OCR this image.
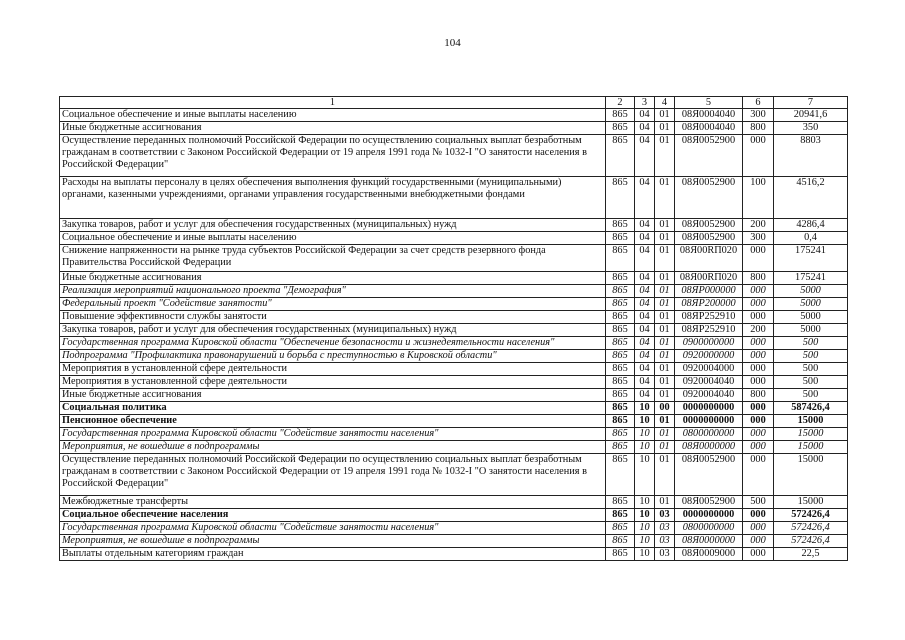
104
1	2	3	4	5	6	7
Социальное обеспечение и иные выплаты населению	865	04	01	08Я0004040	300	20941,6
Иные бюджетные ассигнования	865	04	01	08Я0004040	800	350
Осуществление переданных полномочий Российской Федерации по осуществлению социальных выплат безработным гражданам в соответствии с Законом Российской Федерации от 19 апреля 1991 года № 1032-I "О занятости населения в Российской Федерации"	865	04	01	08Я0052900	000	8803
Расходы на выплаты персоналу в целях обеспечения выполнения функций государственными (муниципальными) органами, казенными учреждениями, органами управления государственными внебюджетными фондами	865	04	01	08Я0052900	100	4516,2
Закупка товаров, работ и услуг для обеспечения государственных (муниципальных) нужд	865	04	01	08Я0052900	200	4286,4
Социальное обеспечение и иные выплаты населению	865	04	01	08Я0052900	300	0,4
Снижение напряженности на рынке труда субъектов Российской Федерации за счет средств резервного фонда Правительства Российской Федерации	865	04	01	08Я00RП020	000	175241
Иные бюджетные ассигнования	865	04	01	08Я00RП020	800	175241
Реализация мероприятий национального проекта "Демография"	865	04	01	08ЯР000000	000	5000
Федеральный проект "Содействие занятости"	865	04	01	08ЯР200000	000	5000
Повышение эффективности службы занятости	865	04	01	08ЯР252910	000	5000
Закупка товаров, работ и услуг для обеспечения государственных (муниципальных) нужд	865	04	01	08ЯР252910	200	5000
Государственная программа Кировской области "Обеспечение безопасности и жизнедеятельности населения"	865	04	01	0900000000	000	500
Подпрограмма "Профилактика правонарушений и борьба с преступностью в Кировской области"	865	04	01	0920000000	000	500
Мероприятия в установленной сфере деятельности	865	04	01	0920004000	000	500
Мероприятия в установленной сфере деятельности	865	04	01	0920004040	000	500
Иные бюджетные ассигнования	865	04	01	0920004040	800	500
Социальная политика	865	10	00	0000000000	000	587426,4
Пенсионное обеспечение	865	10	01	0000000000	000	15000
Государственная программа Кировской области "Содействие занятости населения"	865	10	01	0800000000	000	15000
Мероприятия, не вошедшие в подпрограммы	865	10	01	08Я0000000	000	15000
Осуществление переданных полномочий Российской Федерации по осуществлению социальных выплат безработным гражданам в соответствии с Законом Российской Федерации от 19 апреля 1991 года № 1032-I "О занятости населения в Российской Федерации"	865	10	01	08Я0052900	000	15000
Межбюджетные трансферты	865	10	01	08Я0052900	500	15000
Социальное обеспечение населения	865	10	03	0000000000	000	572426,4
Государственная программа Кировской области "Содействие занятости населения"	865	10	03	0800000000	000	572426,4
Мероприятия, не вошедшие в подпрограммы	865	10	03	08Я0000000	000	572426,4
Выплаты отдельным категориям граждан	865	10	03	08Я0009000	000	22,5
